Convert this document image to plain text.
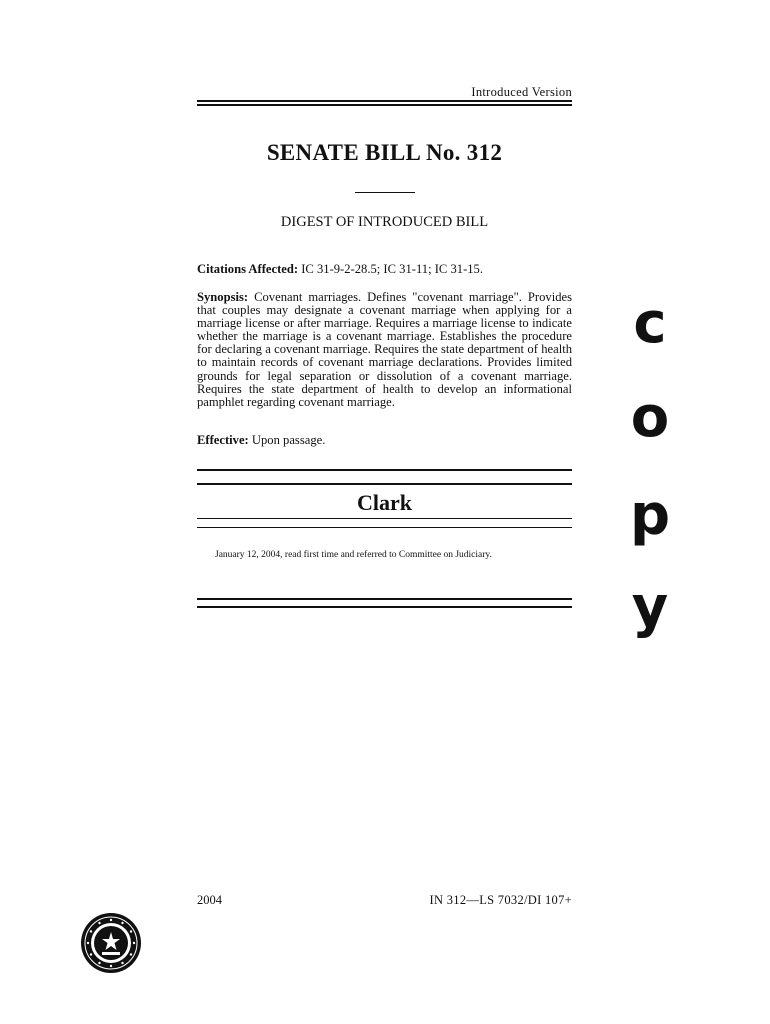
Introduced Version
SENATE BILL No. 312
DIGEST OF INTRODUCED BILL
Citations Affected: IC 31-9-2-28.5; IC 31-11; IC 31-15.
Synopsis: Covenant marriages. Defines "covenant marriage". Provides that couples may designate a covenant marriage when applying for a marriage license or after marriage. Requires a marriage license to indicate whether the marriage is a covenant marriage. Establishes the procedure for declaring a covenant marriage. Requires the state department of health to maintain records of covenant marriage declarations. Provides limited grounds for legal separation or dissolution of a covenant marriage. Requires the state department of health to develop an informational pamphlet regarding covenant marriage.
Effective: Upon passage.
Clark
January 12, 2004, read first time and referred to Committee on Judiciary.
c
o
p
y
2004	IN 312—LS 7032/DI 107+
